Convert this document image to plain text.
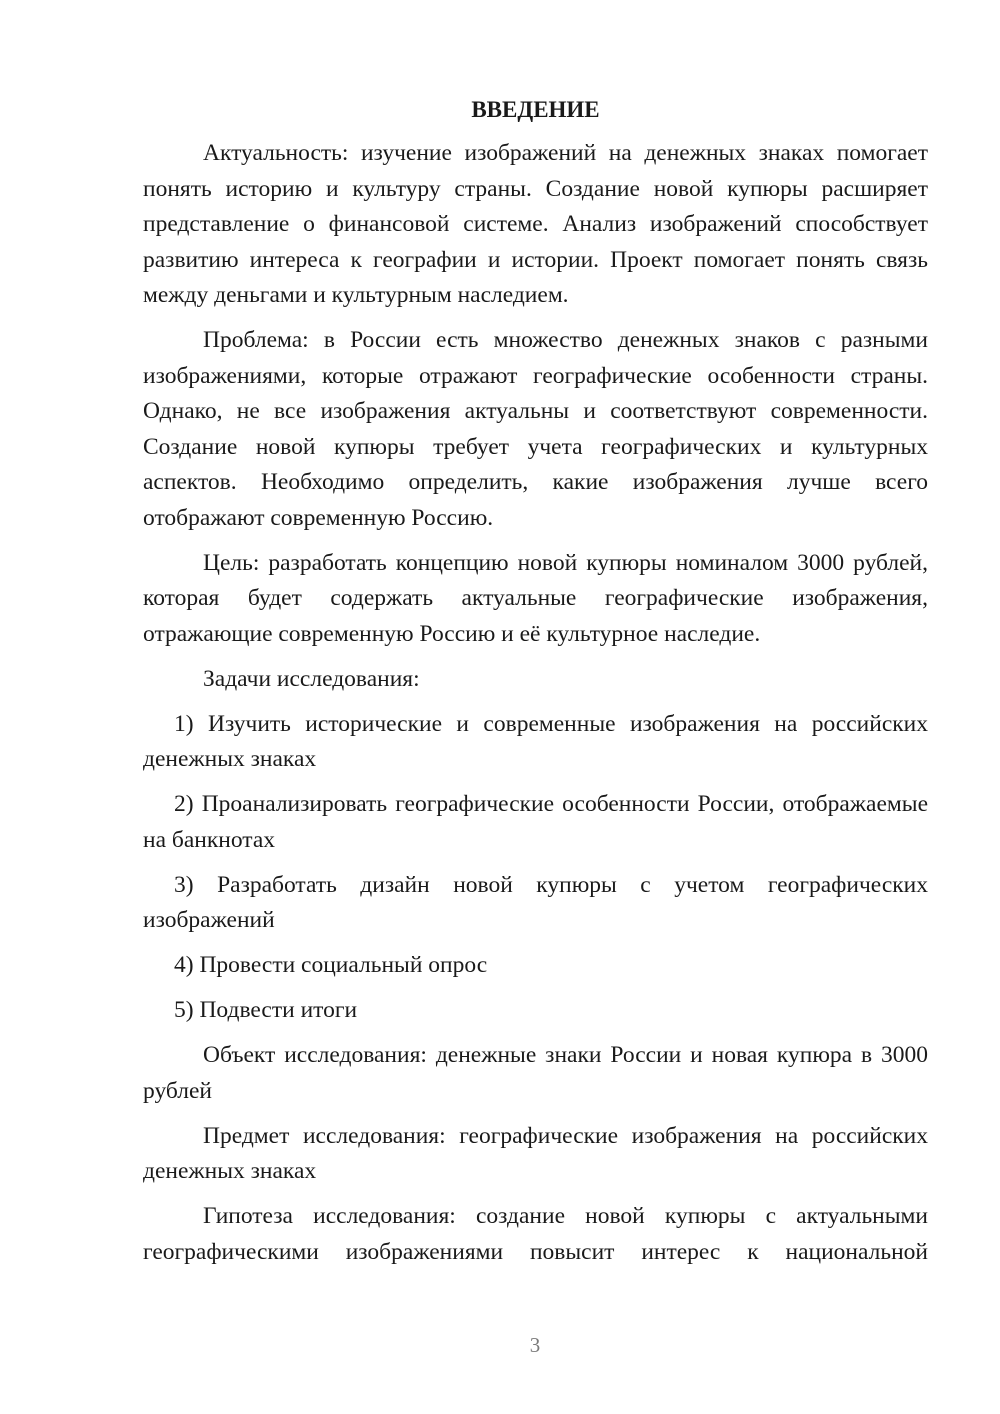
ВВЕДЕНИЕ

Актуальность: изучение изображений на денежных знаках помогает понять историю и культуру страны. Создание новой купюры расширяет представление о финансовой системе. Анализ изображений способствует развитию интереса к географии и истории. Проект помогает понять связь между деньгами и культурным наследием.

Проблема: в России есть множество денежных знаков с разными изображениями, которые отражают географические особенности страны. Однако, не все изображения актуальны и соответствуют современности. Создание новой купюры требует учета географических и культурных аспектов. Необходимо определить, какие изображения лучше всего отображают современную Россию.

Цель: разработать концепцию новой купюры номиналом 3000 рублей, которая будет содержать актуальные географические изображения, отражающие современную Россию и её культурное наследие.

Задачи исследования:

1) Изучить исторические и современные изображения на российских денежных знаках

2) Проанализировать географические особенности России, отображаемые на банкнотах

3) Разработать дизайн новой купюры с учетом географических изображений

4) Провести социальный опрос

5) Подвести итоги

Объект исследования: денежные знаки России и новая купюра в 3000 рублей

Предмет исследования: географические изображения на российских денежных знаках

Гипотеза исследования: создание новой купюры с актуальными географическими изображениями повысит интерес к национальной

3
